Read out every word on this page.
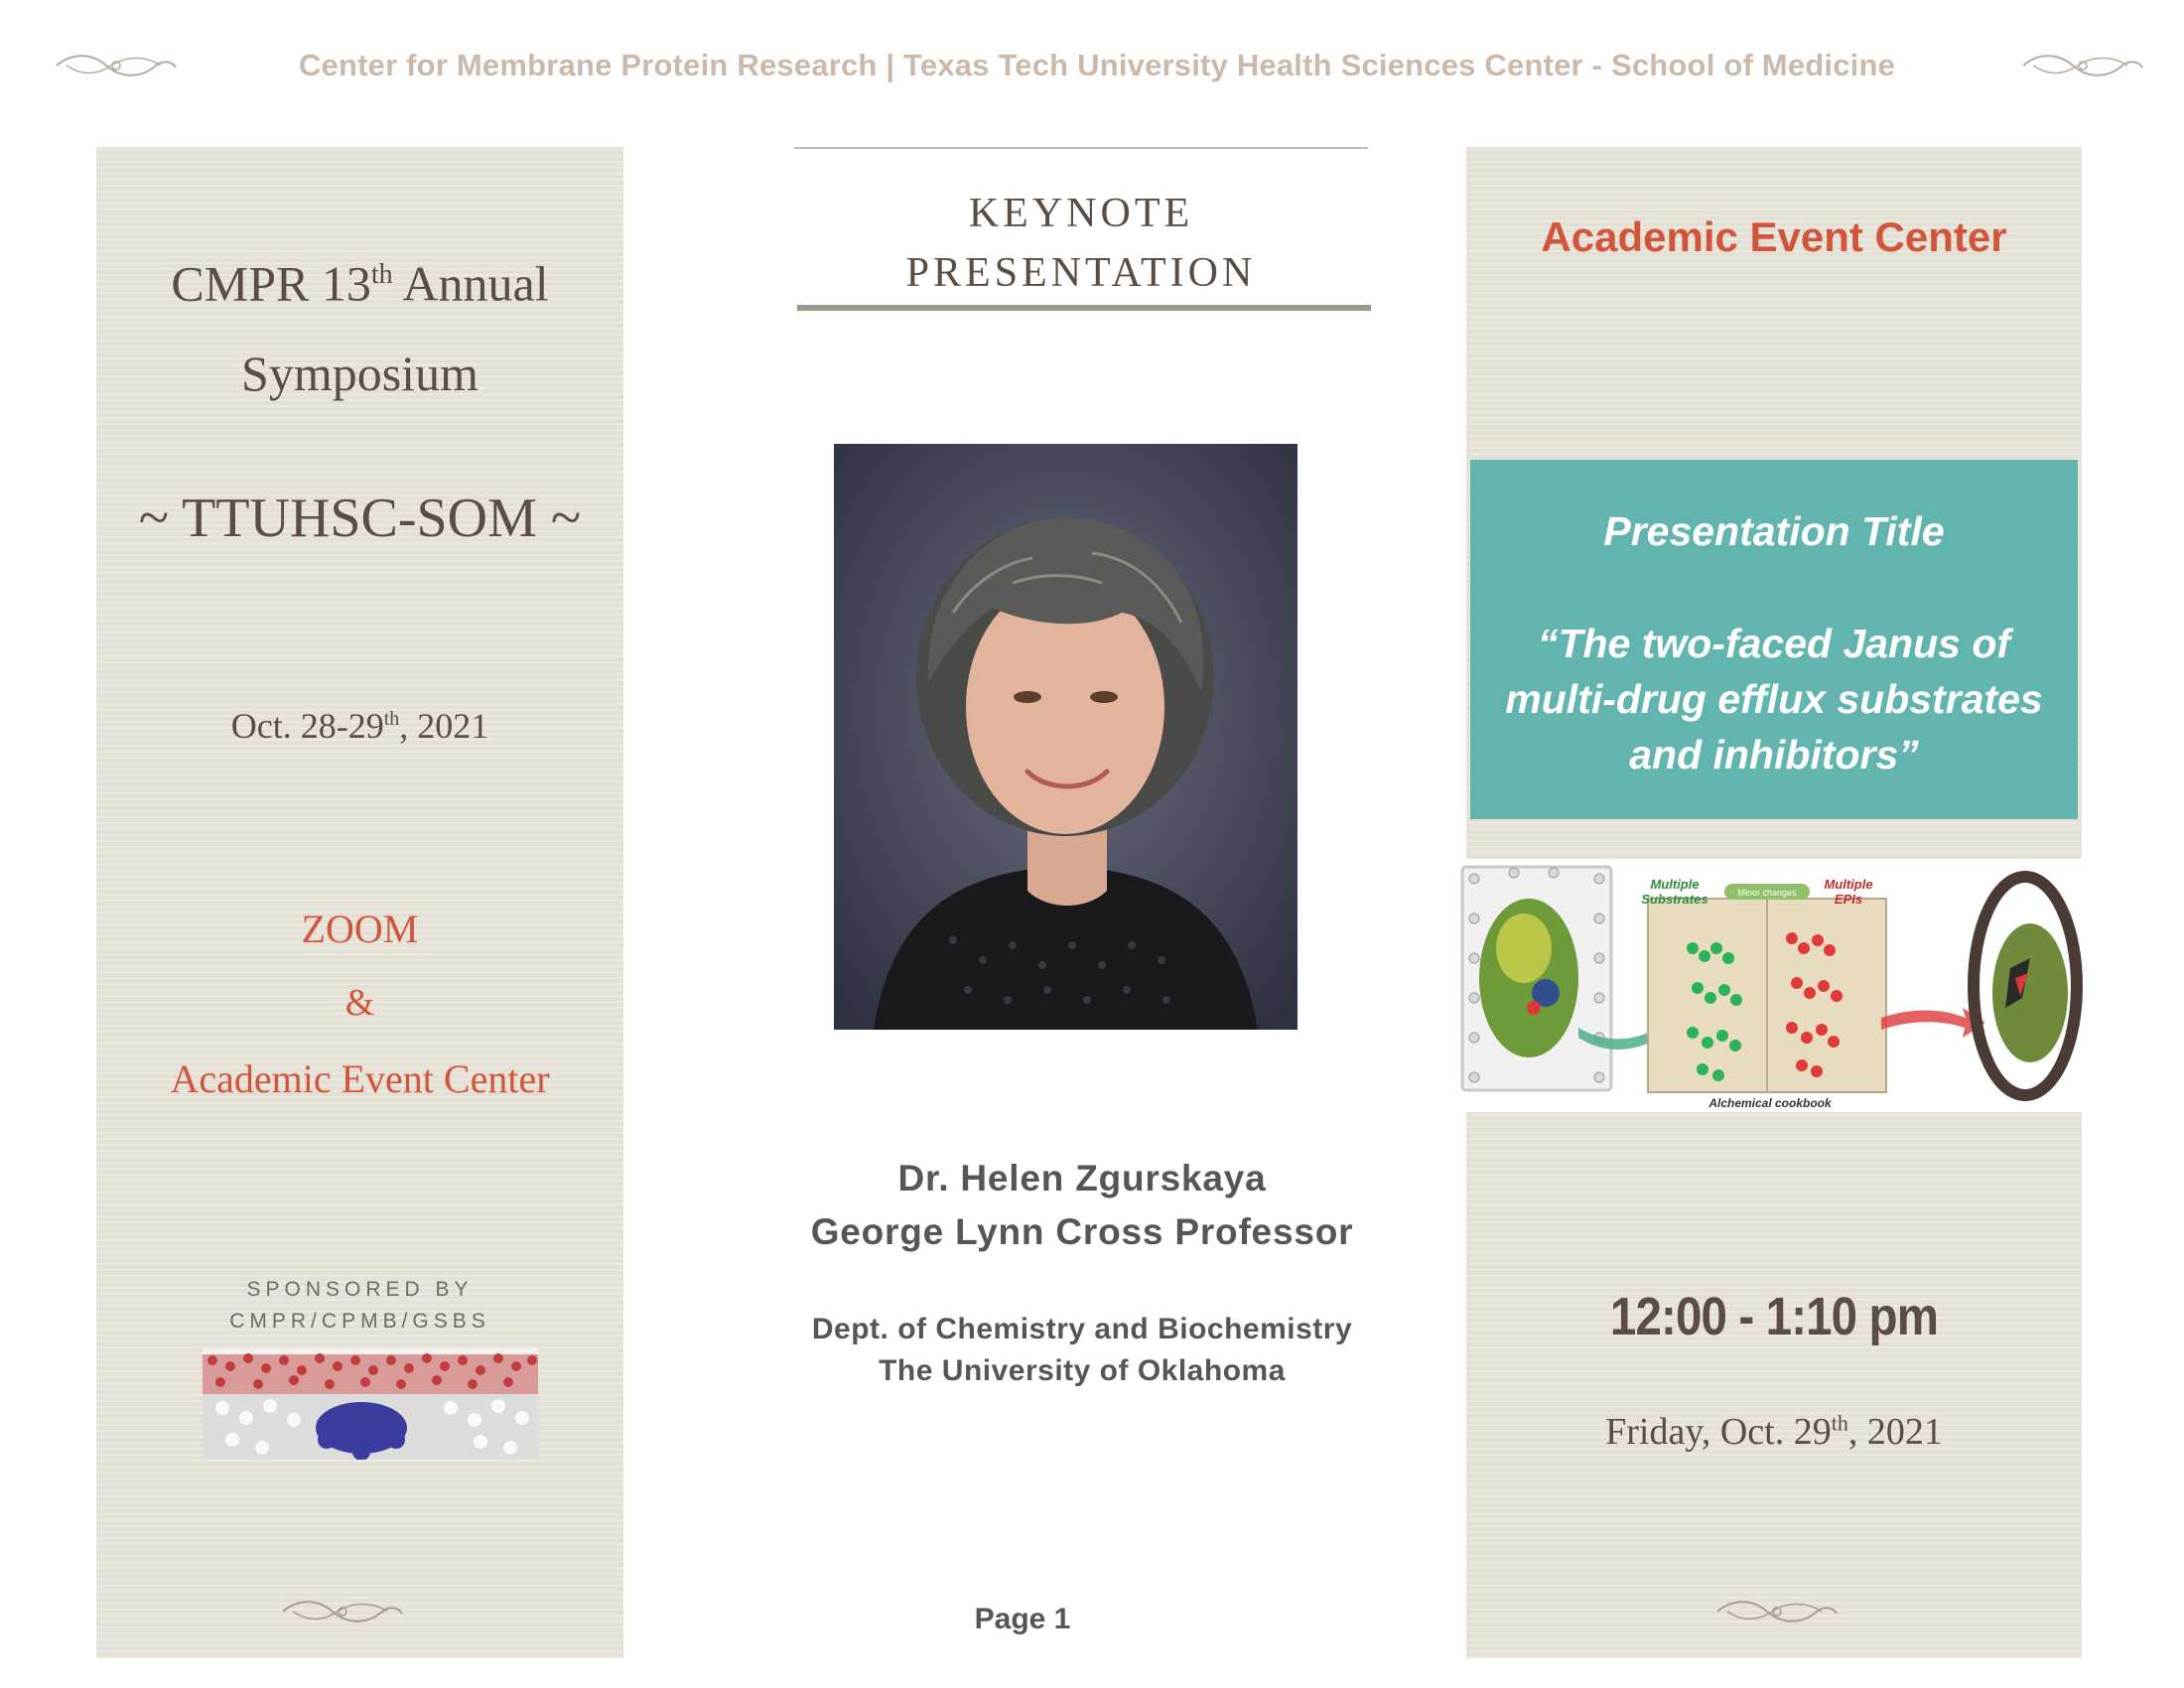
Center for Membrane Protein Research | Texas Tech University Health Sciences Center - School of Medicine
CMPR 13th Annual
Symposium
~ TTUHSC-SOM ~
Oct. 28-29th, 2021
ZOOM
&
Academic Event Center
SPONSORED BY
CMPR/CPMB/GSBS
KEYNOTE
PRESENTATION
Dr. Helen Zgurskaya
George Lynn Cross Professor
Dept. of Chemistry and Biochemistry
The University of Oklahoma
Page 1
Academic Event Center
Presentation Title
“The two-faced Janus of
multi-drug efflux substrates
and inhibitors”
Multiple
Substrates
Multiple
EPIs
Minor changes
Alchemical cookbook
12:00 - 1:10 pm
Friday, Oct. 29th, 2021
